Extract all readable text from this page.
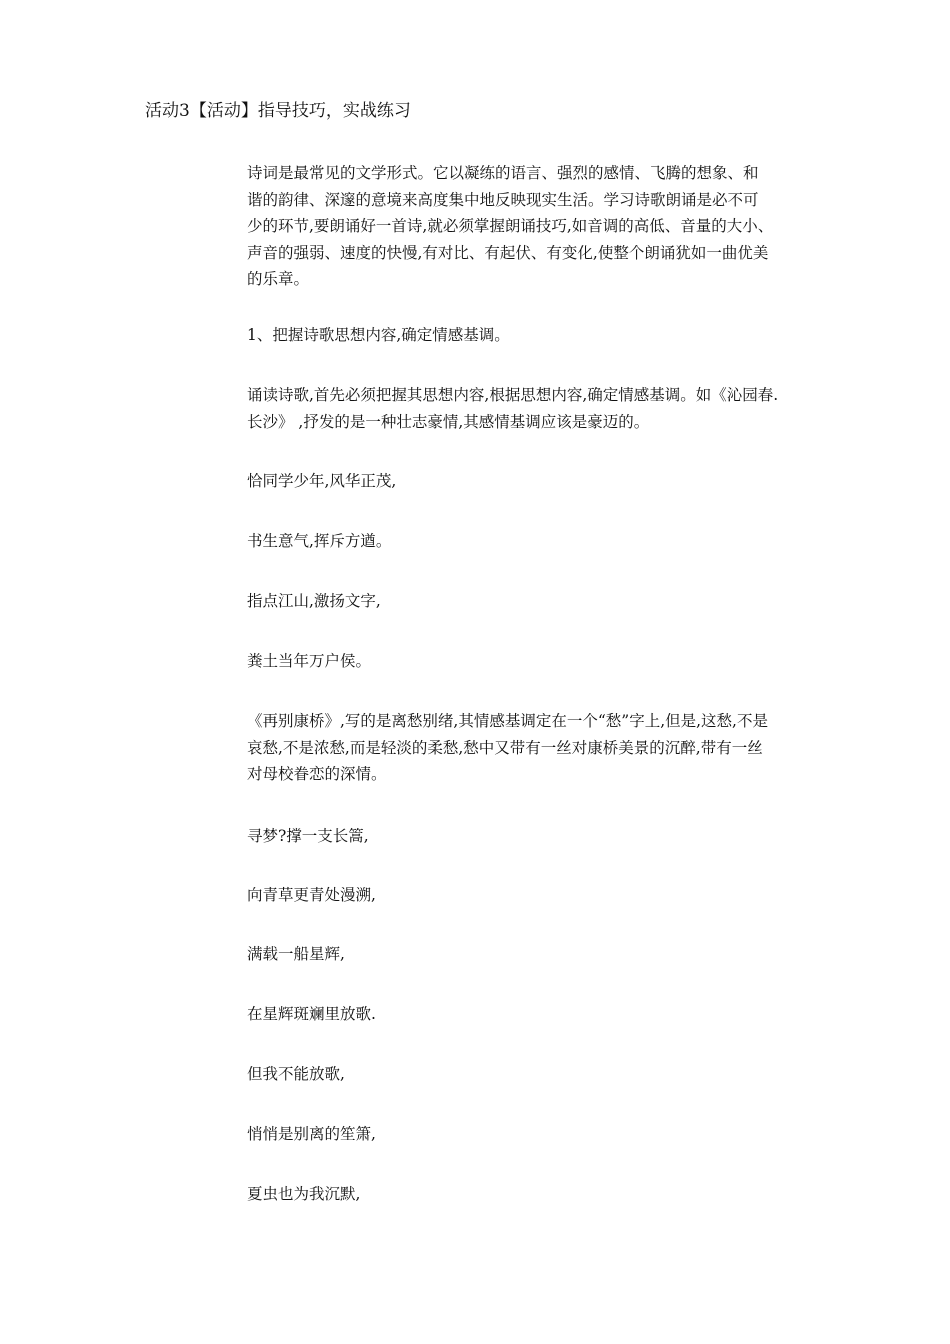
活动3【活动】指导技巧，实战练习

诗词是最常见的文学形式。它以凝练的语言、强烈的感情、飞腾的想象、和
谐的韵律、深邃的意境来高度集中地反映现实生活。学习诗歌朗诵是必不可
少的环节,要朗诵好一首诗,就必须掌握朗诵技巧,如音调的高低、音量的大小、
声音的强弱、速度的快慢,有对比、有起伏、有变化,使整个朗诵犹如一曲优美
的乐章。

1、把握诗歌思想内容,确定情感基调。

诵读诗歌,首先必须把握其思想内容,根据思想内容,确定情感基调。如《沁园春.
长沙》 ,抒发的是一种壮志豪情,其感情基调应该是豪迈的。

恰同学少年,风华正茂,

书生意气,挥斥方遒。

指点江山,激扬文字,

粪土当年万户侯。

《再别康桥》,写的是离愁别绪,其情感基调定在一个“愁”字上,但是,这愁,不是
哀愁,不是浓愁,而是轻淡的柔愁,愁中又带有一丝对康桥美景的沉醉,带有一丝
对母校眷恋的深情。

寻梦?撑一支长篙,

向青草更青处漫溯,

满载一船星辉,

在星辉斑斓里放歌.

但我不能放歌,

悄悄是别离的笙箫,

夏虫也为我沉默,
